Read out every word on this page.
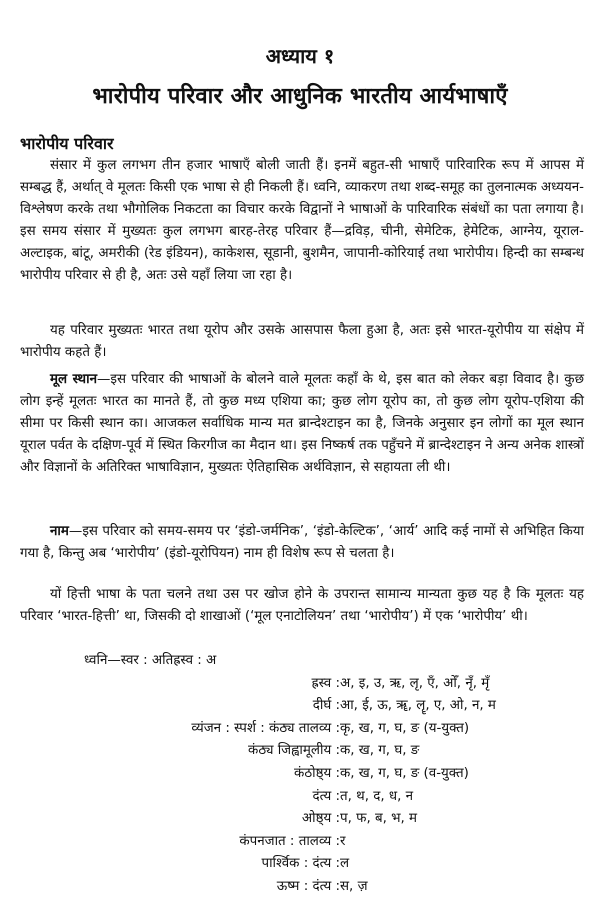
अध्याय १
भारोपीय परिवार और आधुनिक भारतीय आर्यभाषाएँ
भारोपीय परिवार

संसार में कुल लगभग तीन हजार भाषाएँ बोली जाती हैं। इनमें बहुत-सी भाषाएँ पारिवारिक रूप में आपस में सम्बद्ध हैं, अर्थात् वे मूलतः किसी एक भाषा से ही निकली हैं। ध्वनि, व्याकरण तथा शब्द-समूह का तुलनात्मक अध्ययन-विश्लेषण करके तथा भौगोलिक निकटता का विचार करके विद्वानों ने भाषाओं के पारिवारिक संबंधों का पता लगाया है। इस समय संसार में मुख्यतः कुल लगभग बारह-तेरह परिवार हैं—द्रविड़, चीनी, सेमेटिक, हेमेटिक, आग्नेय, यूराल-अल्टाइक, बांटू, अमरीकी (रेड इंडियन), काकेशस, सूडानी, बुशमैन, जापानी-कोरियाई तथा भारोपीय। हिन्दी का सम्बन्ध भारोपीय परिवार से ही है, अतः उसे यहाँ लिया जा रहा है।

यह परिवार मुख्यतः भारत तथा यूरोप और उसके आसपास फैला हुआ है, अतः इसे भारत-यूरोपीय या संक्षेप में भारोपीय कहते हैं।

मूल स्थान—इस परिवार की भाषाओं के बोलने वाले मूलतः कहाँ के थे, इस बात को लेकर बड़ा विवाद है। कुछ लोग इन्हें मूलतः भारत का मानते हैं, तो कुछ मध्य एशिया का; कुछ लोग यूरोप का, तो कुछ लोग यूरोप-एशिया की सीमा पर किसी स्थान का। आजकल सर्वाधिक मान्य मत ब्रान्देश्टाइन का है, जिनके अनुसार इन लोगों का मूल स्थान यूराल पर्वत के दक्षिण-पूर्व में स्थित किरगीज का मैदान था। इस निष्कर्ष तक पहुँचने में ब्रान्देश्टाइन ने अन्य अनेक शास्त्रों और विज्ञानों के अतिरिक्त भाषाविज्ञान, मुख्यतः ऐतिहासिक अर्थविज्ञान, से सहायता ली थी।

नाम—इस परिवार को समय-समय पर ‘इंडो-जर्मनिक’, ‘इंडो-केल्टिक’, ‘आर्य’ आदि कई नामों से अभिहित किया गया है, किन्तु अब ‘भारोपीय’ (इंडो-यूरोपियन) नाम ही विशेष रूप से चलता है।

यों हित्ती भाषा के पता चलने तथा उस पर खोज होने के उपरान्त सामान्य मान्यता कुछ यह है कि मूलतः यह परिवार ‘भारत-हित्ती’ था, जिसकी दो शाखाओं (‘मूल एनाटोलियन’ तथा ‘भारोपीय’) में एक ‘भारोपीय’ थी।

ध्वनि—स्वर : अतिह्रस्व : अ
ह्रस्व : अ, इ, उ, ऋ, लृ, एँ, ओँ, नृँ, मृँ
दीर्घ : आ, ई, ऊ, ॠ, लॄ, ए, ओ, न, म
व्यंजन : स्पर्श : कंठ्य तालव्य : कृ, ख, ग, घ, ङ (य-युक्त)
कंठ्य जिह्वामूलीय : क, ख, ग, घ, ङ
कंठोष्ठ्य : क, ख, ग, घ, ङ (व-युक्त)
दंत्य : त, थ, द, ध, न
ओष्ठ्य : प, फ, ब, भ, म
कंपनजात : तालव्य : र
पार्श्विक : दंत्य : ल
ऊष्म : दंत्य : स, ज़
